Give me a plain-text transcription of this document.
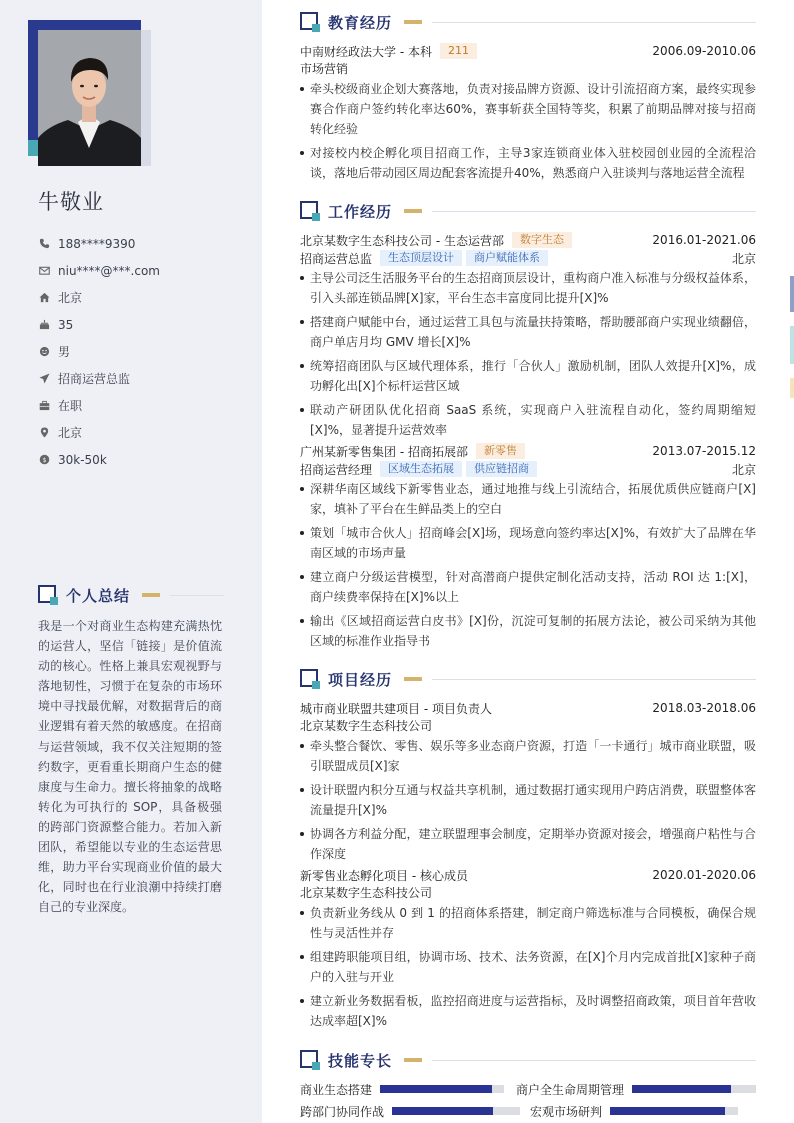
牛敬业
188****9390
niu****@***.com
北京
35
男
招商运营总监
在职
北京
$ 30k-50k
个人总结

我是一个对商业生态构建充满热忱的运营人，坚信「链接」是价值流动的核心。性格上兼具宏观视野与落地韧性，习惯于在复杂的市场环境中寻找最优解，对数据背后的商业逻辑有着天然的敏感度。在招商与运营领域，我不仅关注短期的签约数字，更看重长期商户生态的健康度与生命力。擅长将抽象的战略转化为可执行的 SOP，具备极强的跨部门资源整合能力。若加入新团队，希望能以专业的生态运营思维，助力平台实现商业价值的最大化，同时也在行业浪潮中持续打磨自己的专业深度。

教育经历
中南财经政法大学 - 本科	211	2006.09-2010.06
市场营销
牵头校级商业企划大赛落地，负责对接品牌方资源、设计引流招商方案，最终实现参赛合作商户签约转化率达60%，赛事斩获全国特等奖，积累了前期品牌对接与招商转化经验
对接校内校企孵化项目招商工作，主导3家连锁商业体入驻校园创业园的全流程洽谈，落地后带动园区周边配套客流提升40%，熟悉商户入驻谈判与落地运营全流程
工作经历
北京某数字生态科技公司 - 生态运营部	数字生态	2016.01-2021.06
招商运营总监	生态顶层设计	商户赋能体系	北京
主导公司泛生活服务平台的生态招商顶层设计，重构商户准入标准与分级权益体系，引入头部连锁品牌[X]家，平台生态丰富度同比提升[X]%
搭建商户赋能中台，通过运营工具包与流量扶持策略，帮助腰部商户实现业绩翻倍，商户单店月均 GMV 增长[X]%
统筹招商团队与区域代理体系，推行「合伙人」激励机制，团队人效提升[X]%，成功孵化出[X]个标杆运营区域
联动产研团队优化招商 SaaS 系统，实现商户入驻流程自动化，签约周期缩短[X]%，显著提升运营效率
广州某新零售集团 - 招商拓展部	新零售	2013.07-2015.12
招商运营经理	区域生态拓展	供应链招商	北京
深耕华南区域线下新零售业态，通过地推与线上引流结合，拓展优质供应链商户[X]家，填补了平台在生鲜品类上的空白
策划「城市合伙人」招商峰会[X]场，现场意向签约率达[X]%，有效扩大了品牌在华南区域的市场声量
建立商户分级运营模型，针对高潜商户提供定制化活动支持，活动 ROI 达 1:[X]，商户续费率保持在[X]%以上
输出《区域招商运营白皮书》[X]份，沉淀可复制的拓展方法论，被公司采纳为其他区域的标准作业指导书
项目经历
城市商业联盟共建项目 - 项目负责人	2018.03-2018.06
北京某数字生态科技公司
牵头整合餐饮、零售、娱乐等多业态商户资源，打造「一卡通行」城市商业联盟，吸引联盟成员[X]家
设计联盟内积分互通与权益共享机制，通过数据打通实现用户跨店消费，联盟整体客流量提升[X]%
协调各方利益分配，建立联盟理事会制度，定期举办资源对接会，增强商户粘性与合作深度
新零售业态孵化项目 - 核心成员	2020.01-2020.06
北京某数字生态科技公司
负责新业务线从 0 到 1 的招商体系搭建，制定商户筛选标准与合同模板，确保合规性与灵活性并存
组建跨职能项目组，协调市场、技术、法务资源，在[X]个月内完成首批[X]家种子商户的入驻与开业
建立新业务数据看板，监控招商进度与运营指标，及时调整招商政策，项目首年营收达成率超[X]%
技能专长
商业生态搭建	商户全生命周期管理
跨部门协同作战	宏观市场研判
